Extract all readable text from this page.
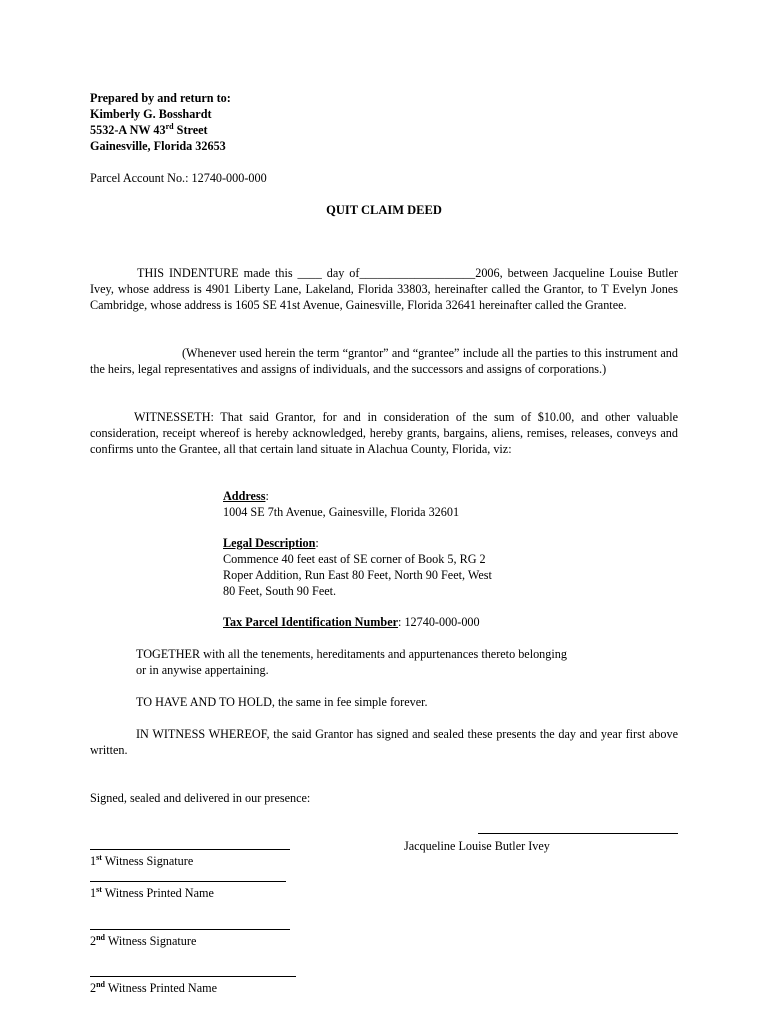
Prepared by and return to:
Kimberly G. Bosshardt
5532-A NW 43rd Street
Gainesville, Florida 32653
Parcel Account No.: 12740-000-000
QUIT CLAIM DEED

THIS INDENTURE made this ____ day of___________________2006, between Jacqueline Louise Butler Ivey, whose address is 4901 Liberty Lane, Lakeland, Florida 33803, hereinafter called the Grantor, to T Evelyn Jones Cambridge, whose address is 1605 SE 41st Avenue, Gainesville, Florida 32641 hereinafter called the Grantee.

(Whenever used herein the term “grantor” and “grantee” include all the parties to this instrument and the heirs, legal representatives and assigns of individuals, and the successors and assigns of corporations.)

WITNESSETH: That said Grantor, for and in consideration of the sum of $10.00, and other valuable consideration, receipt whereof is hereby acknowledged, hereby grants, bargains, aliens, remises, releases, conveys and confirms unto the Grantee, all that certain land situate in Alachua County, Florida, viz:

Address:
1004 SE 7th Avenue, Gainesville, Florida 32601
Legal Description:
Commence 40 feet east of SE corner of Book 5, RG 2
Roper Addition, Run East 80 Feet, North 90 Feet, West
80 Feet, South 90 Feet.
Tax Parcel Identification Number: 12740-000-000
TOGETHER with all the tenements, hereditaments and appurtenances thereto belonging
or in anywise appertaining.
TO HAVE AND TO HOLD, the same in fee simple forever.

IN WITNESS WHEREOF, the said Grantor has signed and sealed these presents the day and year first above written.

Signed, sealed and delivered in our presence:
Jacqueline Louise Butler Ivey
1st Witness Signature
1st Witness Printed Name
2nd Witness Signature
2nd Witness Printed Name
